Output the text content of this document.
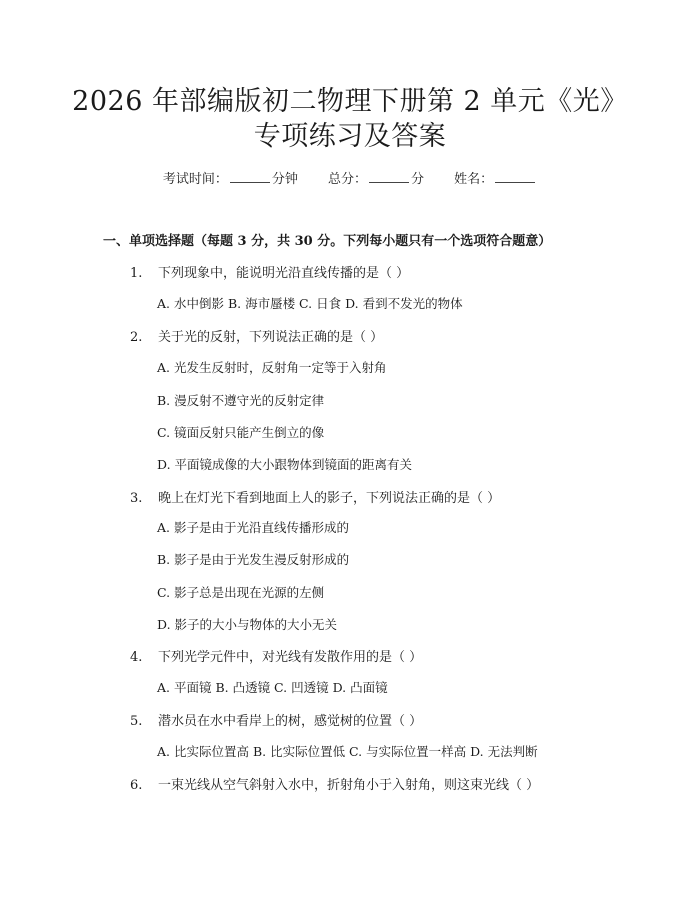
2026 年部编版初二物理下册第 2 单元《光》
专项练习及答案
考试时间：	分钟 总分：	分 姓名：
一、单项选择题（每题 3 分，共 30 分。下列每小题只有一个选项符合题意）
1. 下列现象中，能说明光沿直线传播的是（ ）
A. 水中倒影 B. 海市蜃楼 C. 日食 D. 看到不发光的物体
2. 关于光的反射，下列说法正确的是（ ）
A. 光发生反射时，反射角一定等于入射角
B. 漫反射不遵守光的反射定律
C. 镜面反射只能产生倒立的像
D. 平面镜成像的大小跟物体到镜面的距离有关
3. 晚上在灯光下看到地面上人的影子，下列说法正确的是（ ）
A. 影子是由于光沿直线传播形成的
B. 影子是由于光发生漫反射形成的
C. 影子总是出现在光源的左侧
D. 影子的大小与物体的大小无关
4. 下列光学元件中，对光线有发散作用的是（ ）
A. 平面镜 B. 凸透镜 C. 凹透镜 D. 凸面镜
5. 潜水员在水中看岸上的树，感觉树的位置（ ）
A. 比实际位置高 B. 比实际位置低 C. 与实际位置一样高 D. 无法判断
6. 一束光线从空气斜射入水中，折射角小于入射角，则这束光线（ ）
